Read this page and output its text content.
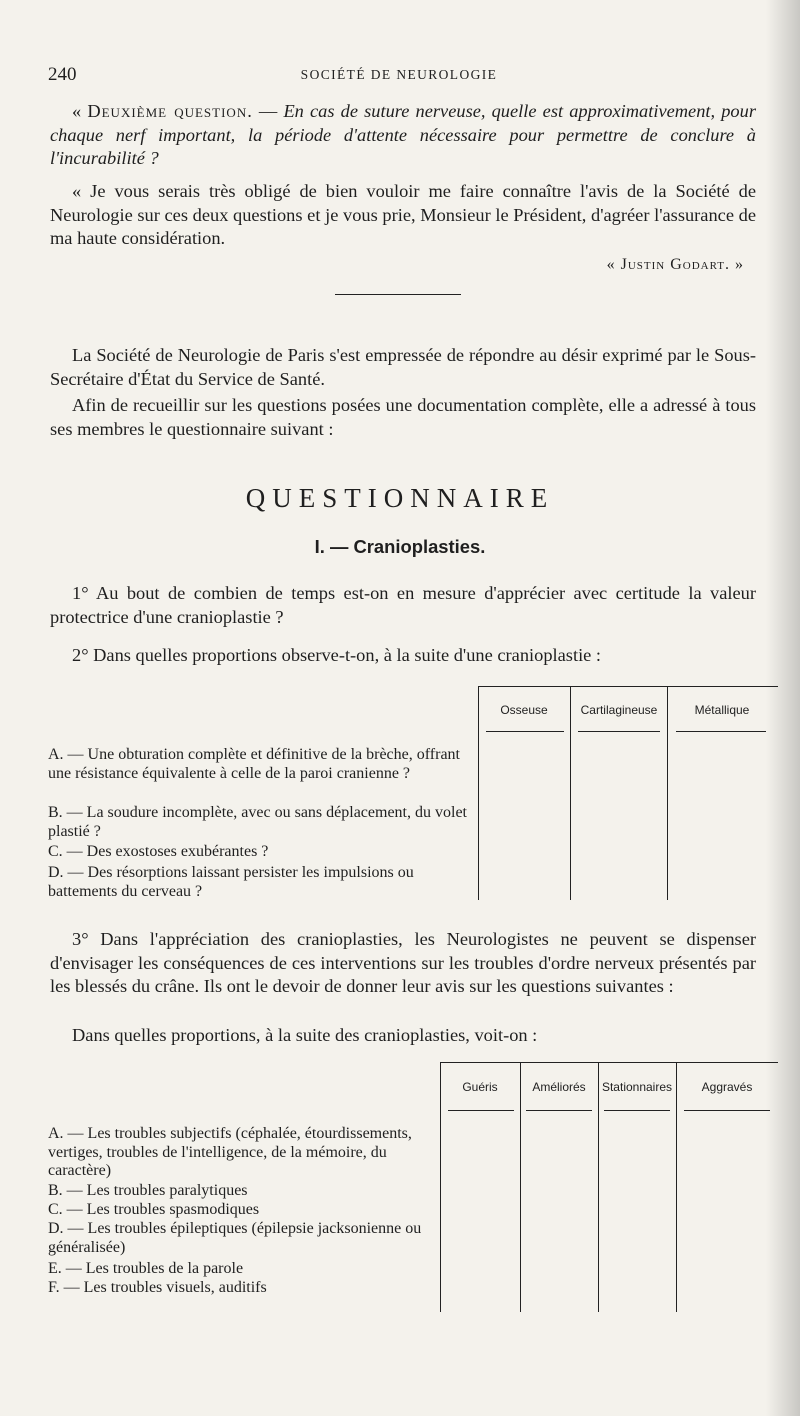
240	SOCIÉTÉ DE NEUROLOGIE

« Deuxième question. — En cas de suture nerveuse, quelle est approximativement, pour chaque nerf important, la période d'attente nécessaire pour permettre de conclure à l'incurabilité ?

« Je vous serais très obligé de bien vouloir me faire connaître l'avis de la Société de Neurologie sur ces deux questions et je vous prie, Monsieur le Président, d'agréer l'assurance de ma haute considération.

« Justin Godart. »

La Société de Neurologie de Paris s'est empressée de répondre au désir exprimé par le Sous-Secrétaire d'État du Service de Santé.

Afin de recueillir sur les questions posées une documentation complète, elle a adressé à tous ses membres le questionnaire suivant :

QUESTIONNAIRE
I. — Cranioplasties.

1° Au bout de combien de temps est-on en mesure d'apprécier avec certitude la valeur protectrice d'une cranioplastie ?

2° Dans quelles proportions observe-t-on, à la suite d'une cranioplastie :

Osseuse	Cartilagineuse	Métallique

A. — Une obturation complète et définitive de la brèche, offrant une résistance équivalente à celle de la paroi cranienne ?

B. — La soudure incomplète, avec ou sans déplacement, du volet plastié ?

C. — Des exostoses exubérantes ?

D. — Des résorptions laissant persister les impulsions ou battements du cerveau ?

3° Dans l'appréciation des cranioplasties, les Neurologistes ne peuvent se dispenser d'envisager les conséquences de ces interventions sur les troubles d'ordre nerveux présentés par les blessés du crâne. Ils ont le devoir de donner leur avis sur les questions suivantes :

Dans quelles proportions, à la suite des cranioplasties, voit-on :

Guéris	Améliorés	Stationnaires	Aggravés

A. — Les troubles subjectifs (céphalée, étourdissements, vertiges, troubles de l'intelligence, de la mémoire, du caractère)

B. — Les troubles paralytiques

C. — Les troubles spasmodiques

D. — Les troubles épileptiques (épilepsie jacksonienne ou généralisée)

E. — Les troubles de la parole

F. — Les troubles visuels, auditifs
